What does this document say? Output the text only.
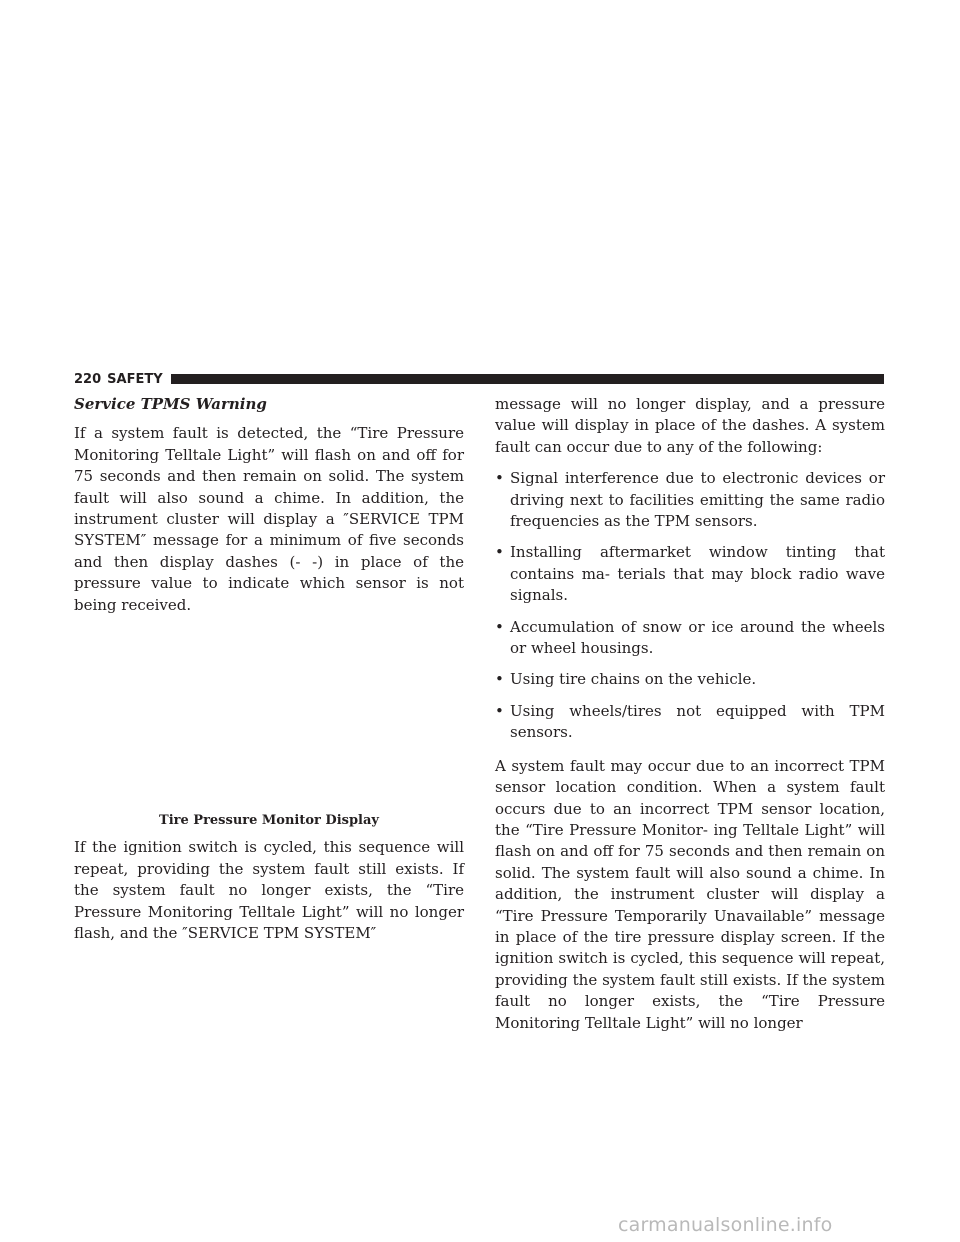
220 SAFETY

Service TPMS Warning

If a system fault is detected, the “Tire Pressure Monitoring Telltale Light” will flash on and off for 75 seconds and then remain on solid. The system fault will also sound a chime. In addition, the instrument cluster will display a ″SERVICE TPM SYSTEM″ message for a minimum of five seconds and then display dashes (- -) in place of the pressure value to indicate which sensor is not being received.

Tire Pressure Monitor Display

If the ignition switch is cycled, this sequence will repeat, providing the system fault still exists. If the system fault no longer exists, the “Tire Pressure Monitoring Telltale Light” will no longer flash, and the ″SERVICE TPM SYSTEM″

message will no longer display, and a pressure value will display in place of the dashes. A system fault can occur due to any of the following:

• Signal interference due to electronic devices or driving next to facilities emitting the same radio frequencies as the TPM sensors.
• Installing aftermarket window tinting that contains ma- terials that may block radio wave signals.
• Accumulation of snow or ice around the wheels or wheel housings.
• Using tire chains on the vehicle.
• Using wheels/tires not equipped with TPM sensors.

A system fault may occur due to an incorrect TPM sensor location condition. When a system fault occurs due to an incorrect TPM sensor location, the “Tire Pressure Monitor- ing Telltale Light” will flash on and off for 75 seconds and then remain on solid. The system fault will also sound a chime. In addition, the instrument cluster will display a “Tire Pressure Temporarily Unavailable” message in place of the tire pressure display screen. If the ignition switch is cycled, this sequence will repeat, providing the system fault still exists. If the system fault no longer exists, the “Tire Pressure Monitoring Telltale Light” will no longer

carmanualsonline.info
